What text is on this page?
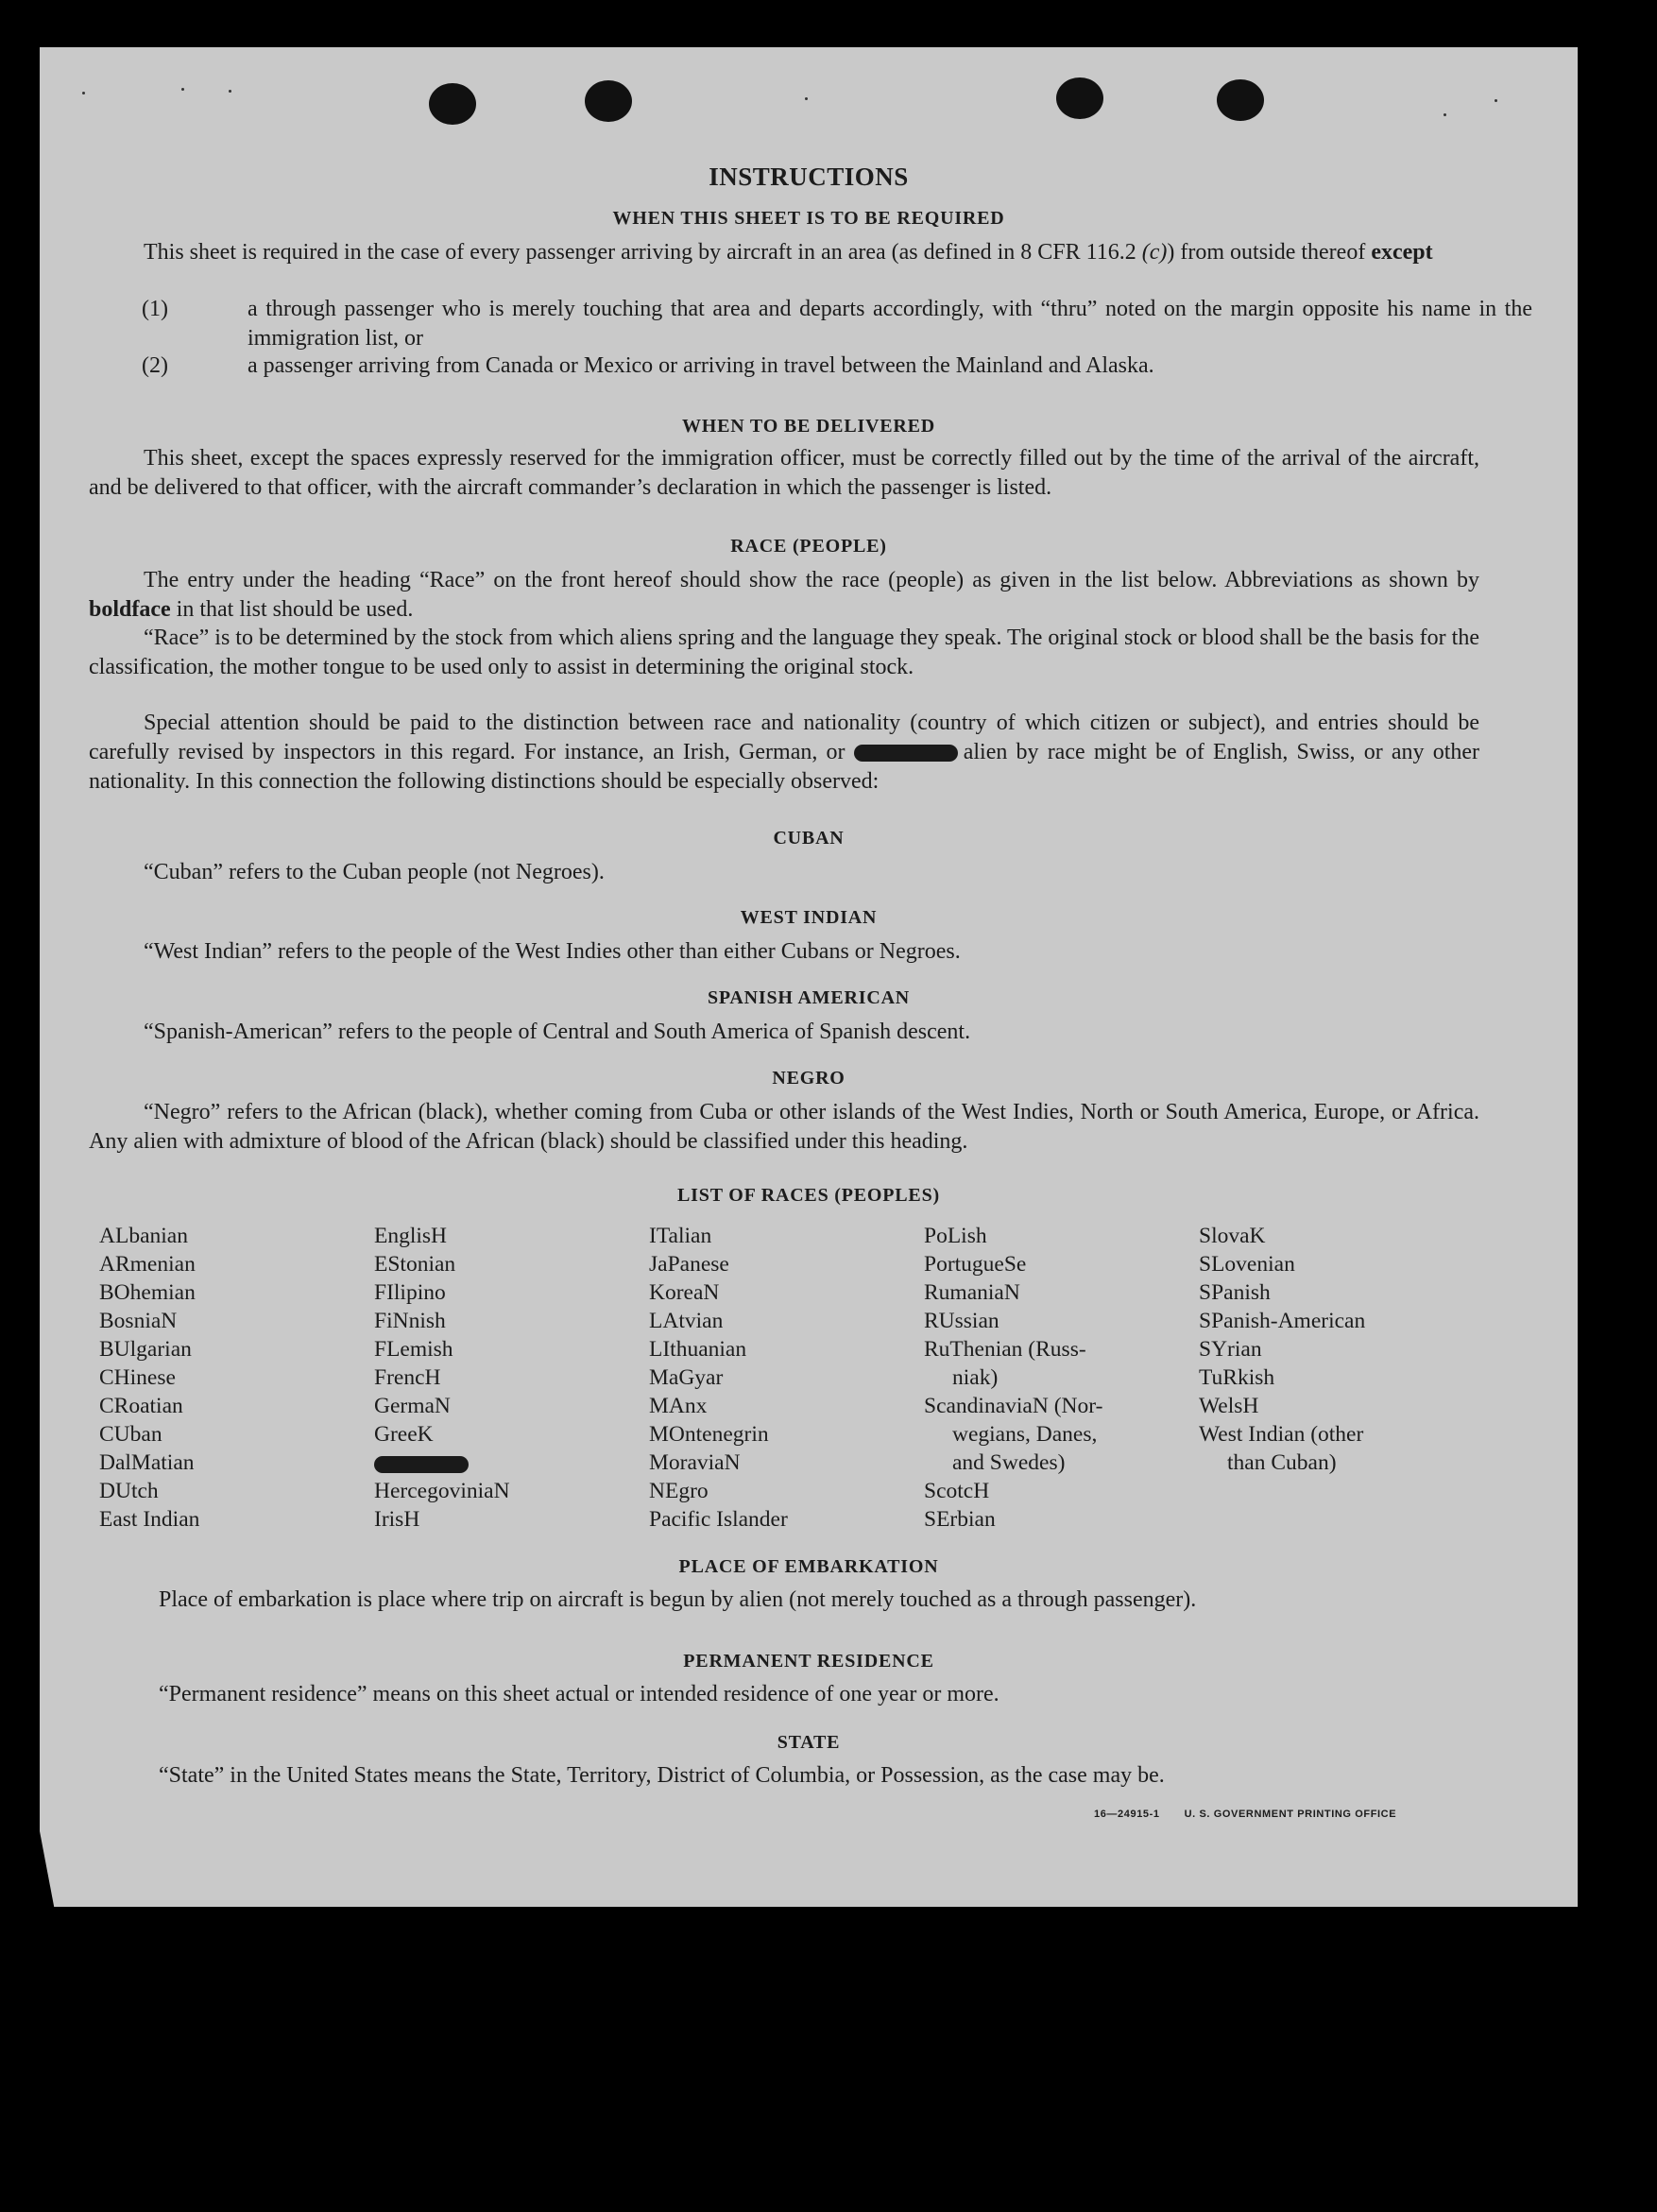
INSTRUCTIONS
WHEN THIS SHEET IS TO BE REQUIRED

This sheet is required in the case of every passenger arriving by aircraft in an area (as defined in 8 CFR 116.2 (c)) from outside thereof except

(1)	a through passenger who is merely touching that area and departs accordingly, with “thru” noted on the margin opposite his name in the immigration list, or

(2)	a passenger arriving from Canada or Mexico or arriving in travel between the Mainland and Alaska.

WHEN TO BE DELIVERED

This sheet, except the spaces expressly reserved for the immigration officer, must be correctly filled out by the time of the arrival of the aircraft, and be delivered to that officer, with the aircraft commander’s declaration in which the passenger is listed.

RACE (PEOPLE)

The entry under the heading “Race” on the front hereof should show the race (people) as given in the list below. Abbreviations as shown by boldface in that list should be used.

“Race” is to be determined by the stock from which aliens spring and the language they speak. The original stock or blood shall be the basis for the classification, the mother tongue to be used only to assist in determining the original stock.

Special attention should be paid to the distinction between race and nationality (country of which citizen or subject), and entries should be carefully revised by inspectors in this regard. For instance, an Irish, German, or	alien by race might be of English, Swiss, or any other nationality. In this connection the following distinctions should be especially observed:

CUBAN

“Cuban” refers to the Cuban people (not Negroes).

WEST INDIAN

“West Indian” refers to the people of the West Indies other than either Cubans or Negroes.

SPANISH AMERICAN

“Spanish-American” refers to the people of Central and South America of Spanish descent.

NEGRO

“Negro” refers to the African (black), whether coming from Cuba or other islands of the West Indies, North or South America, Europe, or Africa. Any alien with admixture of blood of the African (black) should be classified under this heading.

LIST OF RACES (PEOPLES)
ALbanian
ARmenian
BOhemian
BosniaN
BUlgarian
CHinese
CRoatian
CUban
DalMatian
DUtch
East Indian
EnglisH
EStonian
FIlipino
FiNnish
FLemish
FrencH
GermaN
GreeK
HercegoviniaN
IrisH
ITalian
JaPanese
KoreaN
LAtvian
LIthuanian
MaGyar
MAnx
MOntenegrin
MoraviaN
NEgro
Pacific Islander
PoLish
PortugueSe
RumaniaN
RUssian
RuThenian (Russ-
niak)
ScandinaviaN (Nor-
wegians, Danes,
and Swedes)
ScotcH
SErbian
SlovaK
SLovenian
SPanish
SPanish-American
SYrian
TuRkish
WelsH
West Indian (other
than Cuban)
PLACE OF EMBARKATION

Place of embarkation is place where trip on aircraft is begun by alien (not merely touched as a through passenger).

PERMANENT RESIDENCE

“Permanent residence” means on this sheet actual or intended residence of one year or more.

STATE

“State” in the United States means the State, Territory, District of Columbia, or Possession, as the case may be.

16—24915-1 U. S. GOVERNMENT PRINTING OFFICE
